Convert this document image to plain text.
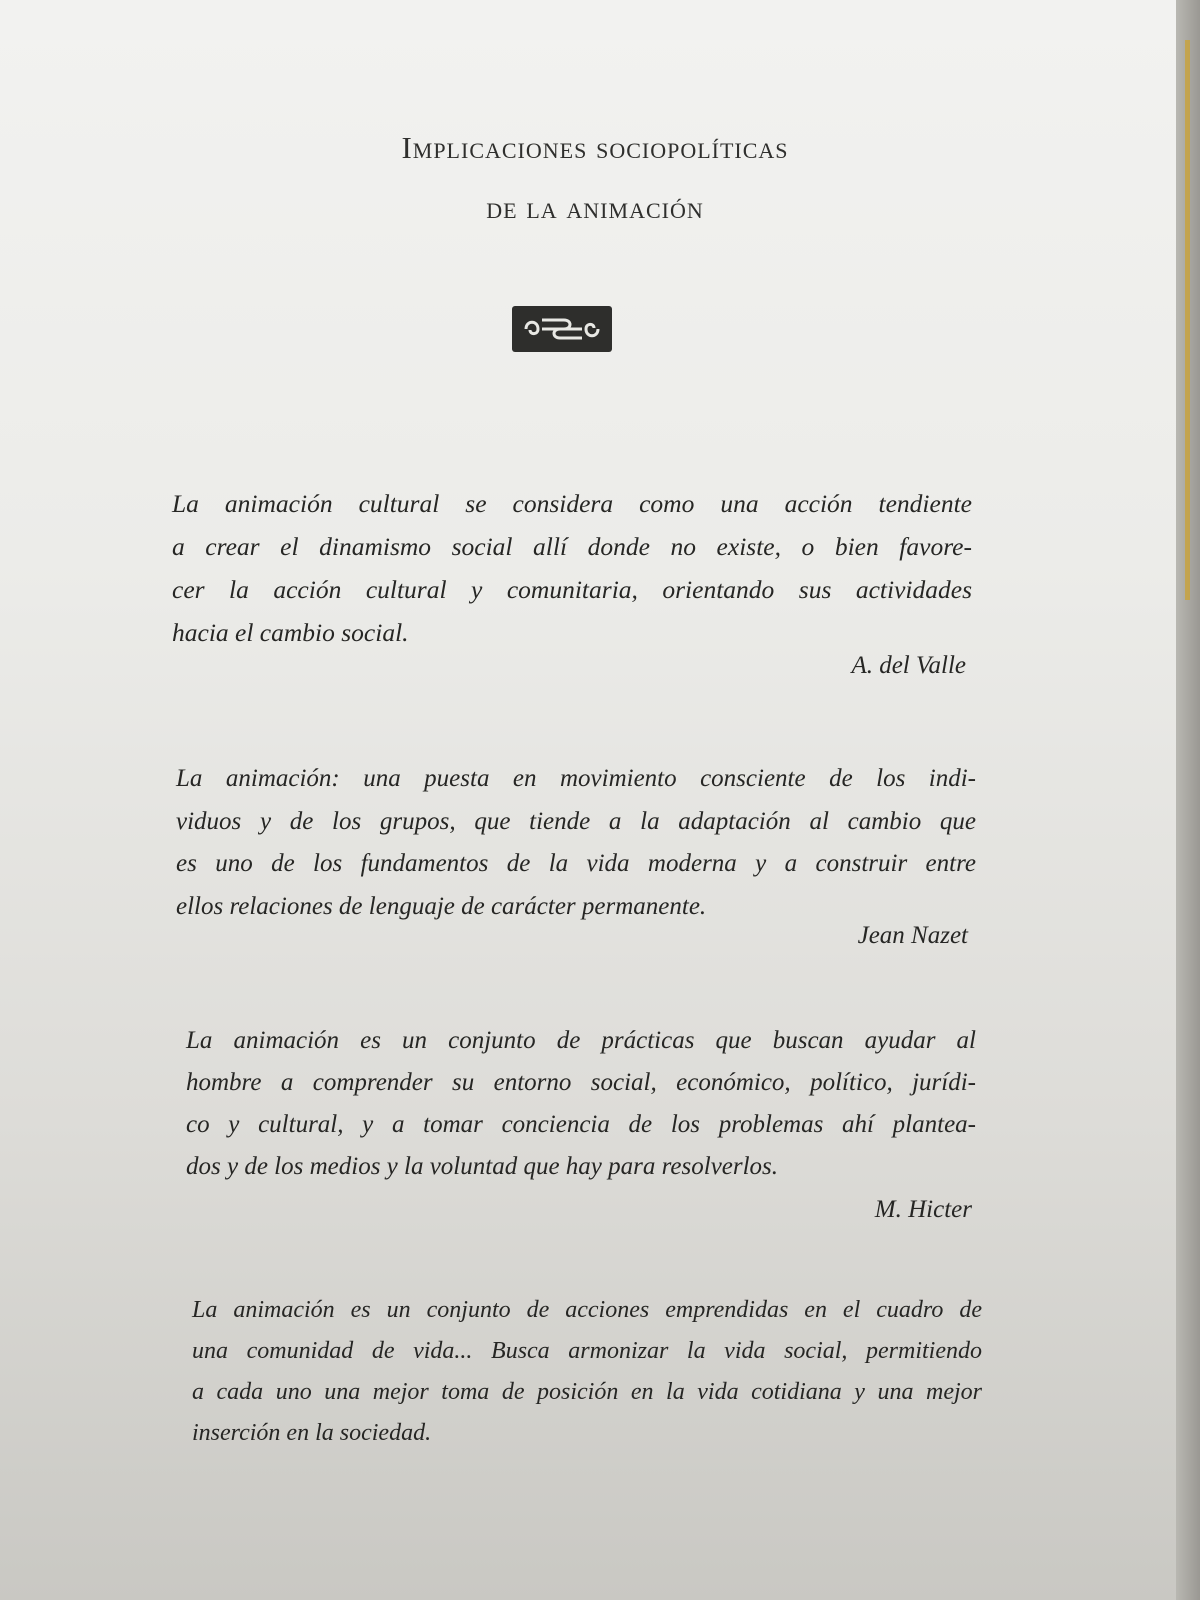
Implicaciones sociopolíticas
de la animación

La animación cultural se considera como una acción tendiente
a crear el dinamismo social allí donde no existe, o bien favore-
cer la acción cultural y comunitaria, orientando sus actividades
hacia el cambio social.

A. del Valle

La animación: una puesta en movimiento consciente de los indi-
viduos y de los grupos, que tiende a la adaptación al cambio que
es uno de los fundamentos de la vida moderna y a construir entre
ellos relaciones de lenguaje de carácter permanente.

Jean Nazet

La animación es un conjunto de prácticas que buscan ayudar al
hombre a comprender su entorno social, económico, político, jurídi-
co y cultural, y a tomar conciencia de los problemas ahí plantea-
dos y de los medios y la voluntad que hay para resolverlos.

M. Hicter

La animación es un conjunto de acciones emprendidas en el cuadro de
una comunidad de vida... Busca armonizar la vida social, permitiendo
a cada uno una mejor toma de posición en la vida cotidiana y una mejor
inserción en la sociedad.
